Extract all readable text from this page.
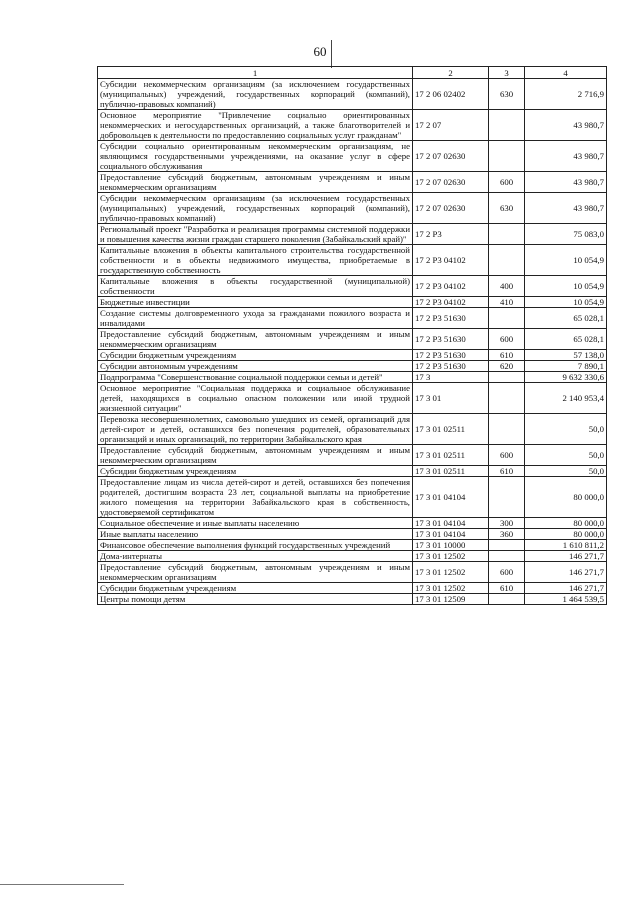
60
1	2	3	4
Субсидии некоммерческим организациям (за исключением государственных (муниципальных) учреждений, государственных корпораций (компаний), публично-правовых компаний)	17 2 06 02402	630	2 716,9
Основное мероприятие "Привлечение социально ориентированных некоммерческих и негосударственных организаций, а также благотворителей и добровольцев к деятельности по предоставлению социальных услуг гражданам"	17 2 07		43 980,7
Субсидии социально ориентированным некоммерческим организациям, не являющимся государственными учреждениями, на оказание услуг в сфере социального обслуживания	17 2 07 02630		43 980,7
Предоставление субсидий бюджетным, автономным учреждениям и иным некоммерческим организациям	17 2 07 02630	600	43 980,7
Субсидии некоммерческим организациям (за исключением государственных (муниципальных) учреждений, государственных корпораций (компаний), публично-правовых компаний)	17 2 07 02630	630	43 980,7
Региональный проект "Разработка и реализация программы системной поддержки и повышения качества жизни граждан старшего поколения (Забайкальский край)"	17 2 P3		75 083,0
Капитальные вложения в объекты капитального строительства государственной собственности и в объекты недвижимого имущества, приобретаемые в государственную собственность	17 2 P3 04102		10 054,9
Капитальные вложения в объекты государственной (муниципальной) собственности	17 2 P3 04102	400	10 054,9
Бюджетные инвестиции	17 2 P3 04102	410	10 054,9
Создание системы долговременного ухода за гражданами пожилого возраста и инвалидами	17 2 P3 51630		65 028,1
Предоставление субсидий бюджетным, автономным учреждениям и иным некоммерческим организациям	17 2 P3 51630	600	65 028,1
Субсидии бюджетным учреждениям	17 2 P3 51630	610	57 138,0
Субсидии автономным учреждениям	17 2 P3 51630	620	7 890,1
Подпрограмма "Совершенствование социальной поддержки семьи и детей"	17 3		9 632 330,6
Основное мероприятие "Социальная поддержка и социальное обслуживание детей, находящихся в социально опасном положении или иной трудной жизненной ситуации"	17 3 01		2 140 953,4
Перевозка несовершеннолетних, самовольно ушедших из семей, организаций для детей-сирот и детей, оставшихся без попечения родителей, образовательных организаций и иных организаций, по территории Забайкальского края	17 3 01 02511		50,0
Предоставление субсидий бюджетным, автономным учреждениям и иным некоммерческим организациям	17 3 01 02511	600	50,0
Субсидии бюджетным учреждениям	17 3 01 02511	610	50,0
Предоставление лицам из числа детей-сирот и детей, оставшихся без попечения родителей, достигшим возраста 23 лет, социальной выплаты на приобретение жилого помещения на территории Забайкальского края в собственность, удостоверяемой сертификатом	17 3 01 04104		80 000,0
Социальное обеспечение и иные выплаты населению	17 3 01 04104	300	80 000,0
Иные выплаты населению	17 3 01 04104	360	80 000,0
Финансовое обеспечение выполнения функций государственных учреждений	17 3 01 10000		1 610 811,2
Дома-интернаты	17 3 01 12502		146 271,7
Предоставление субсидий бюджетным, автономным учреждениям и иным некоммерческим организациям	17 3 01 12502	600	146 271,7
Субсидии бюджетным учреждениям	17 3 01 12502	610	146 271,7
Центры помощи детям	17 3 01 12509		1 464 539,5
